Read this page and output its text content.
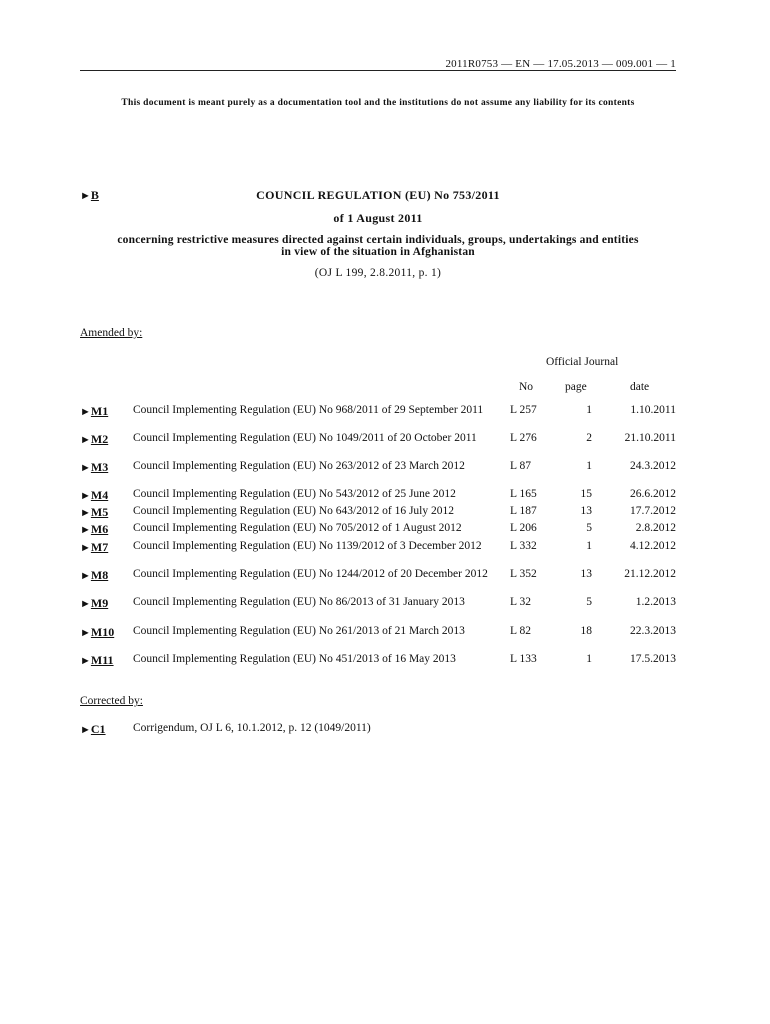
2011R0753 — EN — 17.05.2013 — 009.001 — 1
This document is meant purely as a documentation tool and the institutions do not assume any liability for its contents
►B	COUNCIL REGULATION (EU) No 753/2011
of 1 August 2011
concerning restrictive measures directed against certain individuals, groups, undertakings and entities in view of the situation in Afghanistan
(OJ L 199, 2.8.2011, p. 1)
Amended by:
Official Journal
No	page	date
►M1 Council Implementing Regulation (EU) No 968/2011 of 29 September 2011	L 257	1	1.10.2011
►M2 Council Implementing Regulation (EU) No 1049/2011 of 20 October 2011	L 276	2	21.10.2011
►M3 Council Implementing Regulation (EU) No 263/2012 of 23 March 2012	L 87	1	24.3.2012
►M4 Council Implementing Regulation (EU) No 543/2012 of 25 June 2012	L 165	15	26.6.2012
►M5 Council Implementing Regulation (EU) No 643/2012 of 16 July 2012	L 187	13	17.7.2012
►M6 Council Implementing Regulation (EU) No 705/2012 of 1 August 2012	L 206	5	2.8.2012
►M7 Council Implementing Regulation (EU) No 1139/2012 of 3 December 2012	L 332	1	4.12.2012
►M8 Council Implementing Regulation (EU) No 1244/2012 of 20 December 2012	L 352	13	21.12.2012
►M9 Council Implementing Regulation (EU) No 86/2013 of 31 January 2013	L 32	5	1.2.2013
►M10 Council Implementing Regulation (EU) No 261/2013 of 21 March 2013	L 82	18	22.3.2013
►M11 Council Implementing Regulation (EU) No 451/2013 of 16 May 2013	L 133	1	17.5.2013
Corrected by:
►C1 Corrigendum, OJ L 6, 10.1.2012, p. 12 (1049/2011)
